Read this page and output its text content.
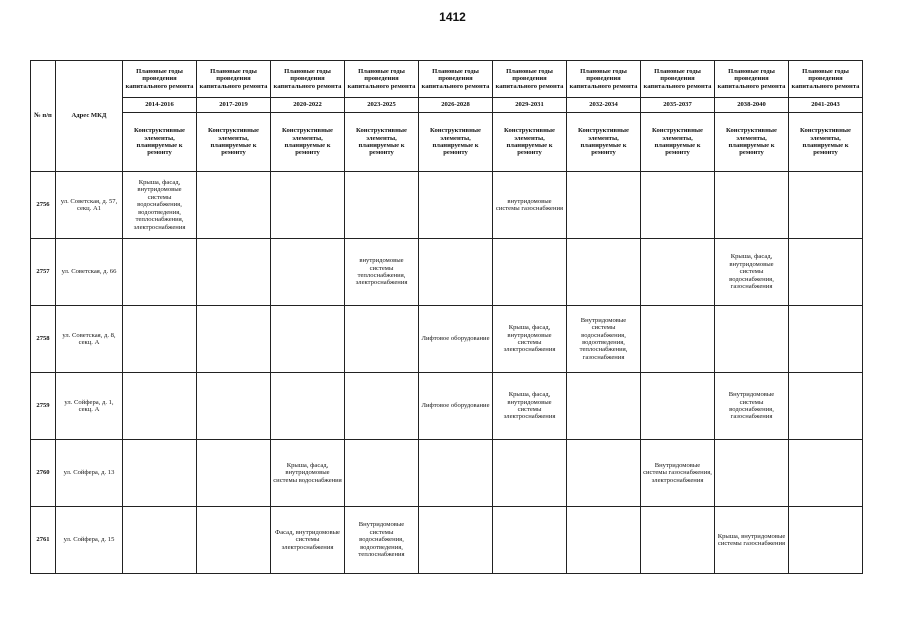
1412
№ п/п	Адрес МКД	Плановые годы проведения капитального ремонта	Плановые годы проведения капитального ремонта	Плановые годы проведения капитального ремонта	Плановые годы проведения капитального ремонта	Плановые годы проведения капитального ремонта	Плановые годы проведения капитального ремонта	Плановые годы проведения капитального ремонта	Плановые годы проведения капитального ремонта	Плановые годы проведения капитального ремонта	Плановые годы проведения капитального ремонта
		2014-2016	2017-2019	2020-2022	2023-2025	2026-2028	2029-2031	2032-2034	2035-2037	2038-2040	2041-2043
		Конструктивные элементы, планируемые к ремонту	Конструктивные элементы, планируемые к ремонту	Конструктивные элементы, планируемые к ремонту	Конструктивные элементы, планируемые к ремонту	Конструктивные элементы, планируемые к ремонту	Конструктивные элементы, планируемые к ремонту	Конструктивные элементы, планируемые к ремонту	Конструктивные элементы, планируемые к ремонту	Конструктивные элементы, планируемые к ремонту	Конструктивные элементы, планируемые к ремонту
2756	ул. Советская, д. 57, секц. А1	Крыша, фасад, внутридомовые системы водоснабжения, водоотведения, теплоснабжения, электроснабжения					внутридомовые системы газоснабжения				
2757	ул. Советская, д. 66				внутридомовые системы теплоснабжения, электроснабжения					Крыша, фасад, внутридомовые системы водоснабжения, газоснабжения	
2758	ул. Советская, д. 8, секц. А					Лифтовое оборудование	Крыша, фасад, внутридомовые системы электроснабжения	Внутридомовые системы водоснабжения, водоотведения, теплоснабжения, газоснабжения			
2759	ул. Сойфера, д. 1, секц. А					Лифтовое оборудование	Крыша, фасад, внутридомовые системы электроснабжения			Внутридомовые системы водоснабжения, газоснабжения	
2760	ул. Сойфера, д. 13			Крыша, фасад, внутридомовые системы водоснабжения					Внутридомовые системы газоснабжения, электроснабжения		
2761	ул. Сойфера, д. 15			Фасад, внутридомовые системы электроснабжения	Внутридомовые системы водоснабжения, водоотведения, теплоснабжения					Крыша, внутридомовые системы газоснабжения	
